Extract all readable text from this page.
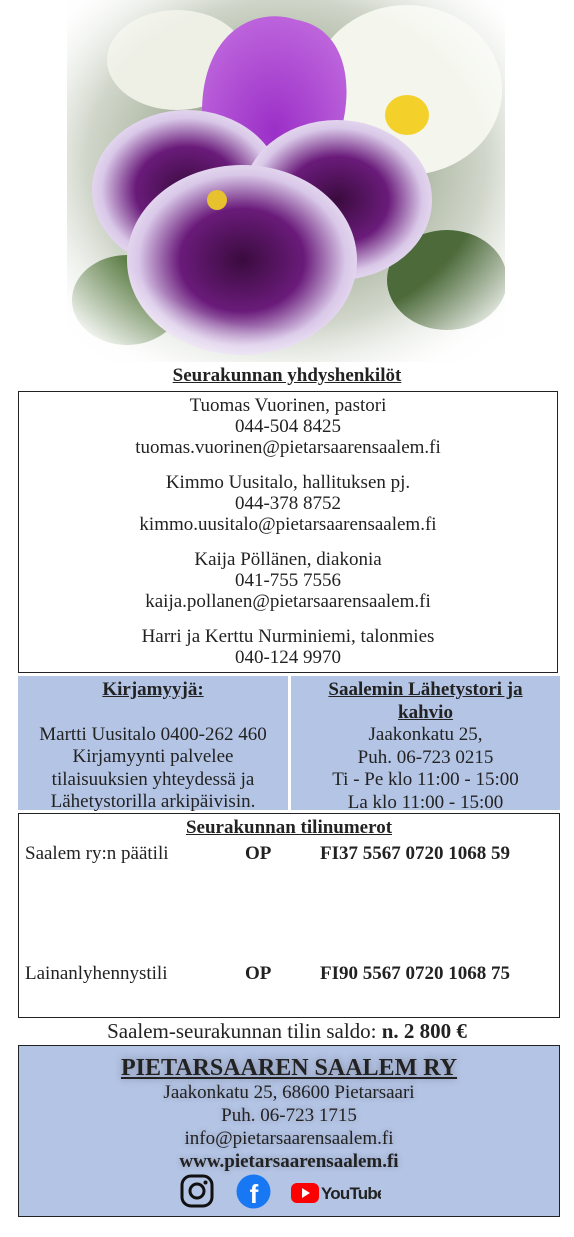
Seurakunnan yhdyshenkilöt
Tuomas Vuorinen, pastori
044-504 8425
tuomas.vuorinen@pietarsaarensaalem.fi
Kimmo Uusitalo, hallituksen pj.
044-378 8752
kimmo.uusitalo@pietarsaarensaalem.fi
Kaija Pöllänen, diakonia
041-755 7556
kaija.pollanen@pietarsaarensaalem.fi
Harri ja Kerttu Nurminiemi, talonmies
040-124 9970
Kirjamyyjä:
Martti Uusitalo 0400-262 460
Kirjamyynti palvelee
tilaisuuksien yhteydessä ja
Lähetystorilla arkipäivisin.
Saalemin Lähetystori ja
kahvio
Jaakonkatu 25,
Puh. 06-723 0215
Ti - Pe klo 11:00 - 15:00
La klo 11:00 - 15:00
Seurakunnan tilinumerot
Saalem ry:n päätili	OP	FI37 5567 0720 1068 59
Lainanlyhennystili	OP	FI90 5567 0720 1068 75
Saalem-seurakunnan tilin saldo: n. 2 800 €
PIETARSAAREN SAALEM RY
Jaakonkatu 25, 68600 Pietarsaari
Puh. 06-723 1715
info@pietarsaarensaalem.fi
www.pietarsaarensaalem.fi
f	YouTube
